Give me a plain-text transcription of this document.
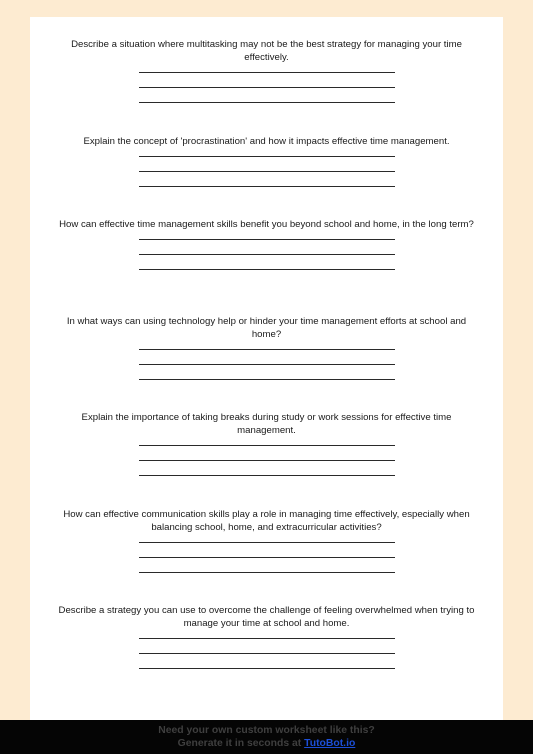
Describe a situation where multitasking may not be the best strategy for managing your time effectively.
Explain the concept of 'procrastination' and how it impacts effective time management.
How can effective time management skills benefit you beyond school and home, in the long term?
In what ways can using technology help or hinder your time management efforts at school and home?
Explain the importance of taking breaks during study or work sessions for effective time management.
How can effective communication skills play a role in managing time effectively, especially when balancing school, home, and extracurricular activities?
Describe a strategy you can use to overcome the challenge of feeling overwhelmed when trying to manage your time at school and home.
Need your own custom worksheet like this?
Generate it in seconds at TutoBot.io
